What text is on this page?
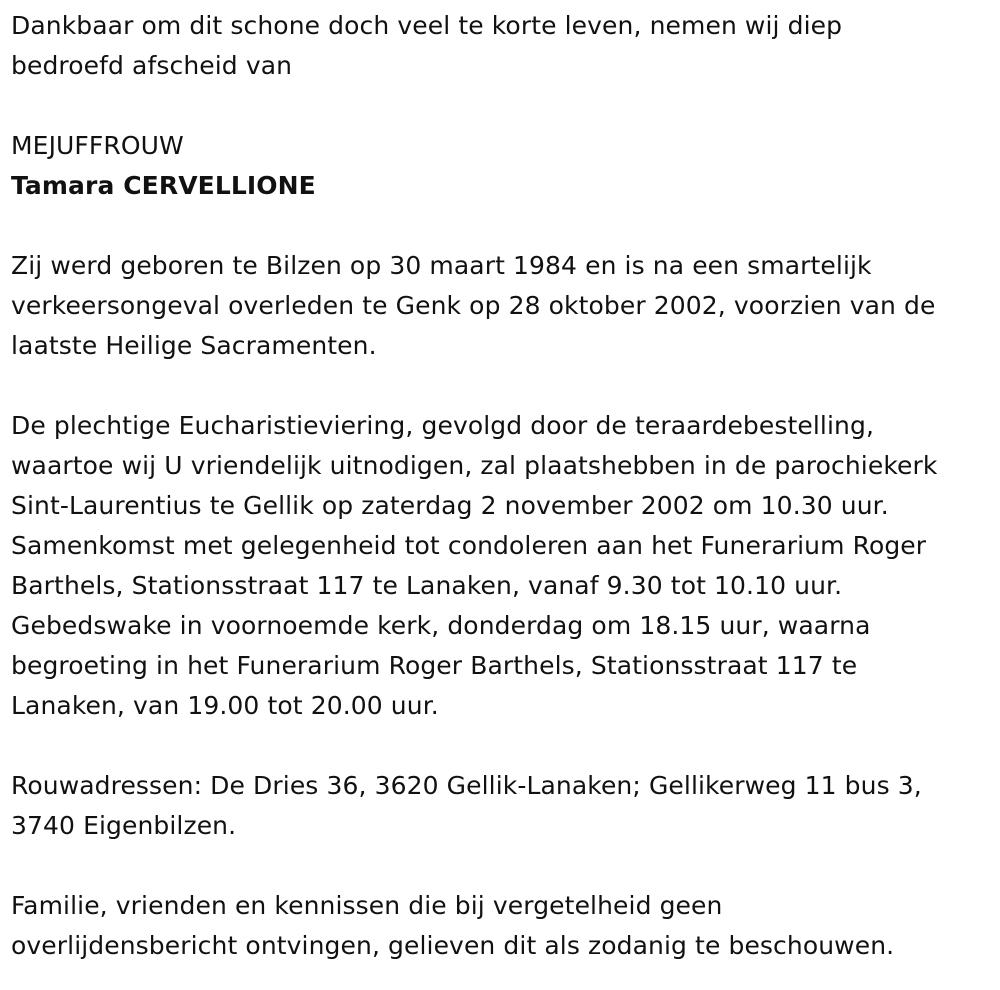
Dankbaar om dit schone doch veel te korte leven, nemen wij diep
bedroefd afscheid van

MEJUFFROUW

Tamara CERVELLIONE

Zij werd geboren te Bilzen op 30 maart 1984 en is na een smartelijk
verkeersongeval overleden te Genk op 28 oktober 2002, voorzien van de
laatste Heilige Sacramenten.

De plechtige Eucharistieviering, gevolgd door de teraardebestelling,
waartoe wij U vriendelijk uitnodigen, zal plaatshebben in de parochiekerk
Sint-Laurentius te Gellik op zaterdag 2 november 2002 om 10.30 uur.
Samenkomst met gelegenheid tot condoleren aan het Funerarium Roger
Barthels, Stationsstraat 117 te Lanaken, vanaf 9.30 tot 10.10 uur.
Gebedswake in voornoemde kerk, donderdag om 18.15 uur, waarna
begroeting in het Funerarium Roger Barthels, Stationsstraat 117 te
Lanaken, van 19.00 tot 20.00 uur.

Rouwadressen: De Dries 36, 3620 Gellik-Lanaken; Gellikerweg 11 bus 3,
3740 Eigenbilzen.

Familie, vrienden en kennissen die bij vergetelheid geen
overlijdensbericht ontvingen, gelieven dit als zodanig te beschouwen.
